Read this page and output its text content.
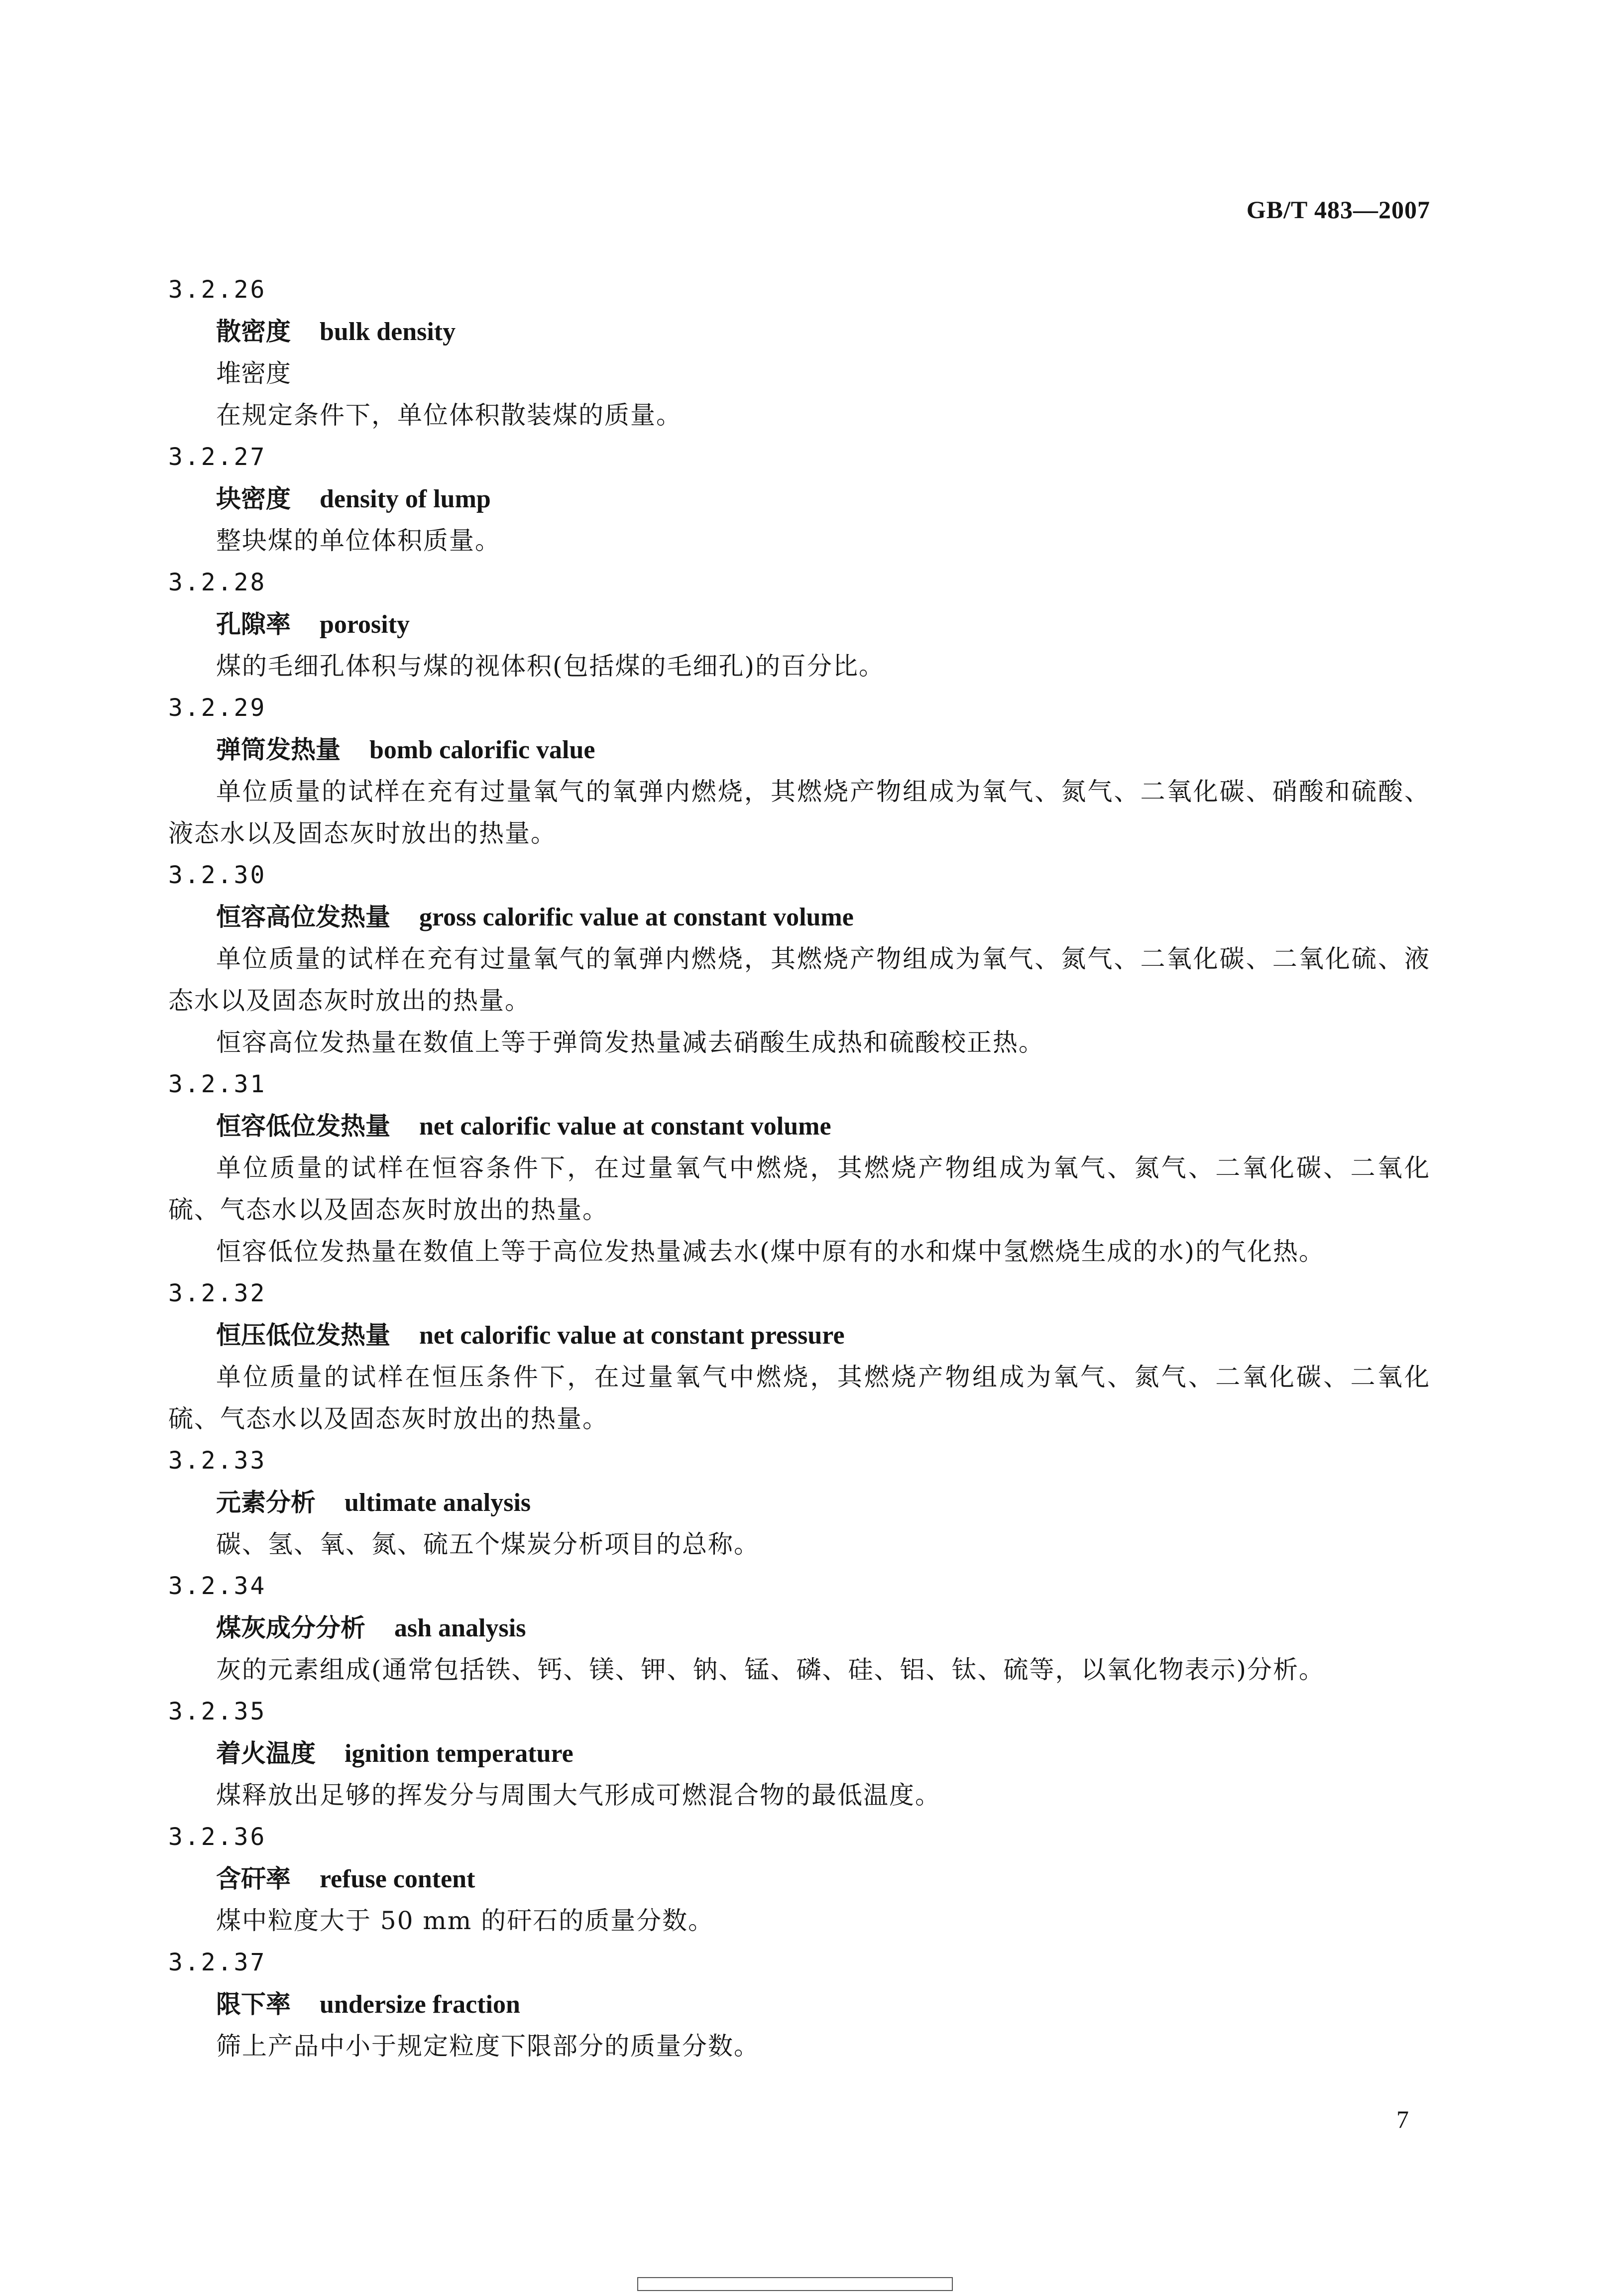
GB/T 483—2007
3.2.26
散密度 bulk density
堆密度
在规定条件下，单位体积散装煤的质量。
3.2.27
块密度 density of lump
整块煤的单位体积质量。
3.2.28
孔隙率 porosity
煤的毛细孔体积与煤的视体积(包括煤的毛细孔)的百分比。
3.2.29
弹筒发热量 bomb calorific value
单位质量的试样在充有过量氧气的氧弹内燃烧，其燃烧产物组成为氧气、氮气、二氧化碳、硝酸和硫酸、液态水以及固态灰时放出的热量。
3.2.30
恒容高位发热量 gross calorific value at constant volume
单位质量的试样在充有过量氧气的氧弹内燃烧，其燃烧产物组成为氧气、氮气、二氧化碳、二氧化硫、液态水以及固态灰时放出的热量。
恒容高位发热量在数值上等于弹筒发热量减去硝酸生成热和硫酸校正热。
3.2.31
恒容低位发热量 net calorific value at constant volume
单位质量的试样在恒容条件下，在过量氧气中燃烧，其燃烧产物组成为氧气、氮气、二氧化碳、二氧化硫、气态水以及固态灰时放出的热量。
恒容低位发热量在数值上等于高位发热量减去水(煤中原有的水和煤中氢燃烧生成的水)的气化热。
3.2.32
恒压低位发热量 net calorific value at constant pressure
单位质量的试样在恒压条件下，在过量氧气中燃烧，其燃烧产物组成为氧气、氮气、二氧化碳、二氧化硫、气态水以及固态灰时放出的热量。
3.2.33
元素分析 ultimate analysis
碳、氢、氧、氮、硫五个煤炭分析项目的总称。
3.2.34
煤灰成分分析 ash analysis
灰的元素组成(通常包括铁、钙、镁、钾、钠、锰、磷、硅、铝、钛、硫等，以氧化物表示)分析。
3.2.35
着火温度 ignition temperature
煤释放出足够的挥发分与周围大气形成可燃混合物的最低温度。
3.2.36
含矸率 refuse content
煤中粒度大于 50 mm 的矸石的质量分数。
3.2.37
限下率 undersize fraction
筛上产品中小于规定粒度下限部分的质量分数。
7
